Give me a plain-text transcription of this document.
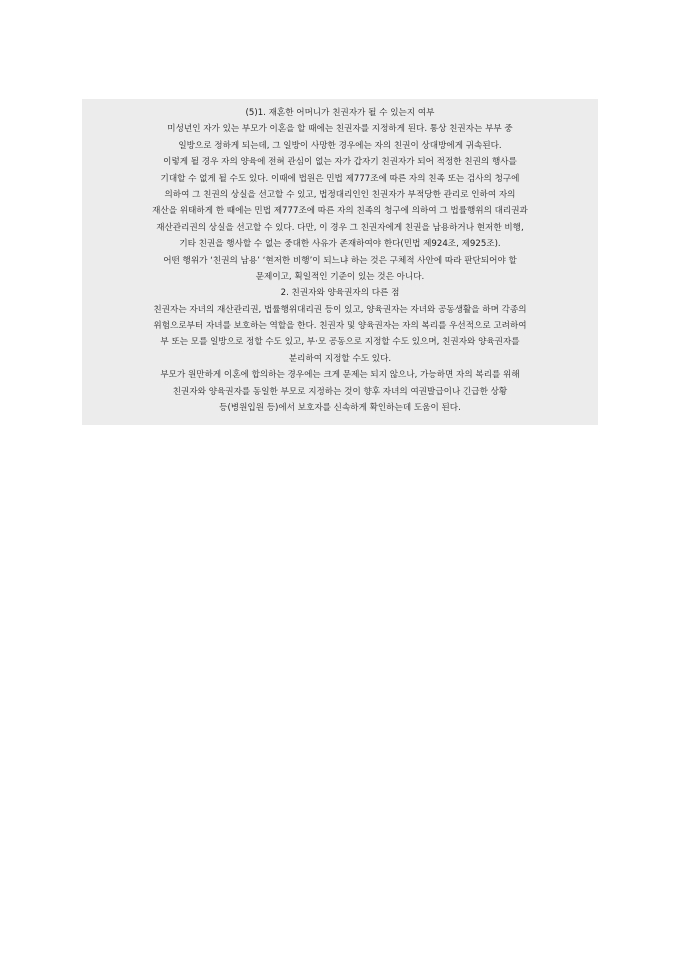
(5)1. 재혼한 어머니가 친권자가 될 수 있는지 여부
미성년인 자가 있는 부모가 이혼을 할 때에는 친권자를 지정하게 된다. 통상 친권자는 부부 중
일방으로 정하게 되는데, 그 일방이 사망한 경우에는 자의 친권이 상대방에게 귀속된다.
이렇게 될 경우 자의 양육에 전혀 관심이 없는 자가 갑자기 친권자가 되어 적정한 친권의 행사를
기대할 수 없게 될 수도 있다. 이때에 법원은 민법 제777조에 따른 자의 친족 또는 검사의 청구에
의하여 그 친권의 상실을 선고할 수 있고, 법정대리인인 친권자가 부적당한 관리로 인하여 자의
재산을 위태하게 한 때에는 민법 제777조에 따른 자의 친족의 청구에 의하여 그 법률행위의 대리권과
재산관리권의 상실을 선고할 수 있다. 다만, 이 경우 그 친권자에게 친권을 남용하거나 현저한 비행,
기타 친권을 행사할 수 없는 중대한 사유가 존재하여야 한다(민법 제924조, 제925조).
어떤 행위가 ‘친권의 남용’ ‘현저한 비행’이 되느냐 하는 것은 구체적 사안에 따라 판단되어야 할
문제이고, 획일적인 기준이 있는 것은 아니다.
2. 친권자와 양육권자의 다른 점
친권자는 자녀의 재산관리권, 법률행위대리권 등이 있고, 양육권자는 자녀와 공동생활을 하며 각종의
위험으로부터 자녀를 보호하는 역할을 한다. 친권자 및 양육권자는 자의 복리를 우선적으로 고려하여
부 또는 모를 일방으로 정할 수도 있고, 부·모 공동으로 지정할 수도 있으며, 친권자와 양육권자를
분리하여 지정할 수도 있다.
부모가 원만하게 이혼에 합의하는 경우에는 크게 문제는 되지 않으나, 가능하면 자의 복리를 위해
친권자와 양육권자를 동일한 부모로 지정하는 것이 향후 자녀의 여권발급이나 긴급한 상황
등(병원입원 등)에서 보호자를 신속하게 확인하는데 도움이 된다.
